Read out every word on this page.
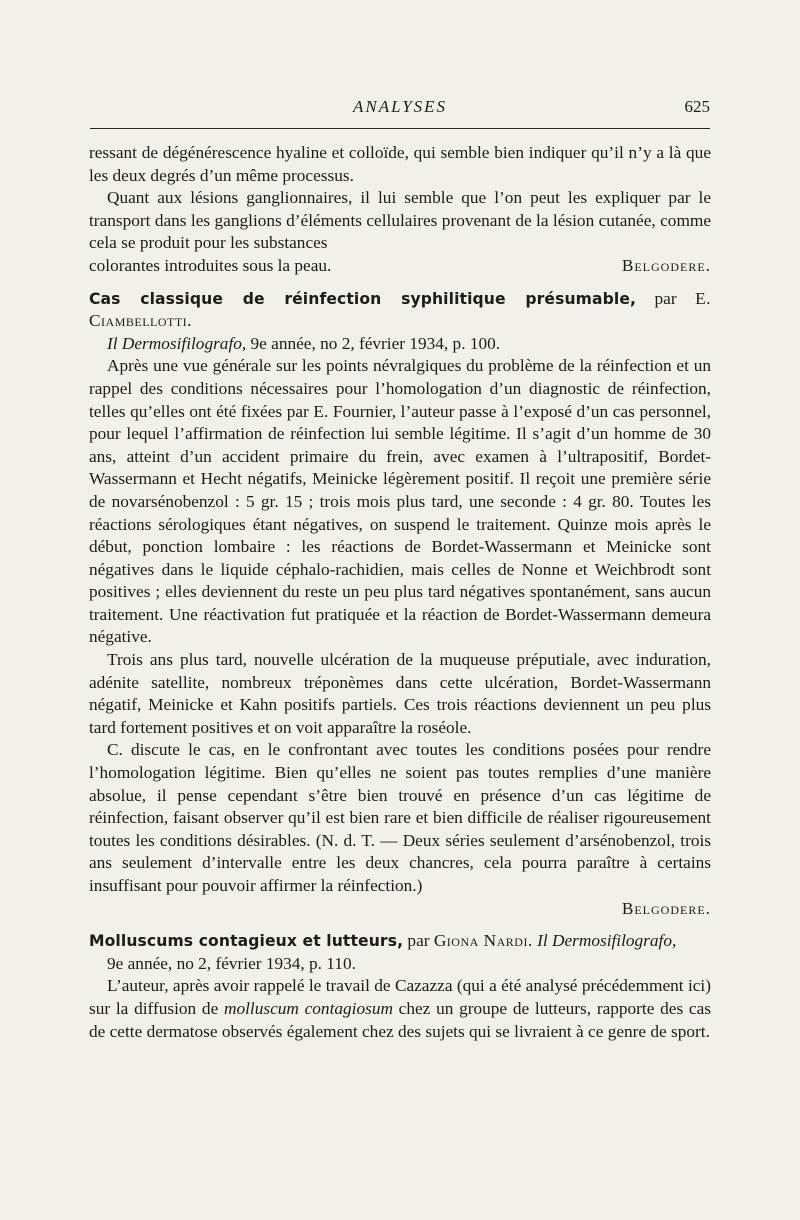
ANALYSES	625

ressant de dégénérescence hyaline et colloïde, qui semble bien indiquer qu’il n’y a là que les deux degrés d’un même processus.

Quant aux lésions ganglionnaires, il lui semble que l’on peut les expliquer par le transport dans les ganglions d’éléments cellulaires provenant de la lésion cutanée, comme cela se produit pour les substances

colorantes introduites sous la peau.	Belgodere.

Cas classique de réinfection syphilitique présumable, par E. Ciambellotti.

Il Dermosifilografo, 9e année, no 2, février 1934, p. 100.

Après une vue générale sur les points névralgiques du problème de la réinfection et un rappel des conditions nécessaires pour l’homologation d’un diagnostic de réinfection, telles qu’elles ont été fixées par E. Fournier, l’auteur passe à l’exposé d’un cas personnel, pour lequel l’affirmation de réinfection lui semble légitime. Il s’agit d’un homme de 30 ans, atteint d’un accident primaire du frein, avec examen à l’ultrapositif, Bordet-Wassermann et Hecht négatifs, Meinicke légèrement positif. Il reçoit une première série de novarsénobenzol : 5 gr. 15 ; trois mois plus tard, une seconde : 4 gr. 80. Toutes les réactions sérologiques étant négatives, on suspend le traitement. Quinze mois après le début, ponction lombaire : les réactions de Bordet-Wassermann et Meinicke sont négatives dans le liquide céphalo-rachidien, mais celles de Nonne et Weichbrodt sont positives ; elles deviennent du reste un peu plus tard négatives spontanément, sans aucun traitement. Une réactivation fut pratiquée et la réaction de Bordet-Wassermann demeura négative.

Trois ans plus tard, nouvelle ulcération de la muqueuse préputiale, avec induration, adénite satellite, nombreux tréponèmes dans cette ulcération, Bordet-Wassermann négatif, Meinicke et Kahn positifs partiels. Ces trois réactions deviennent un peu plus tard fortement positives et on voit apparaître la roséole.

C. discute le cas, en le confrontant avec toutes les conditions posées pour rendre l’homologation légitime. Bien qu’elles ne soient pas toutes remplies d’une manière absolue, il pense cependant s’être bien trouvé en présence d’un cas légitime de réinfection, faisant observer qu’il est bien rare et bien difficile de réaliser rigoureusement toutes les conditions désirables. (N. d. T. — Deux séries seulement d’arsénobenzol, trois ans seulement d’intervalle entre les deux chancres, cela pourra paraître à certains insuffisant pour pouvoir affirmer la réinfection.)

Belgodere.

Molluscums contagieux et lutteurs, par Giona Nardi. Il Dermosifilografo,

9e année, no 2, février 1934, p. 110.

L’auteur, après avoir rappelé le travail de Cazazza (qui a été analysé précédemment ici) sur la diffusion de molluscum contagiosum chez un groupe de lutteurs, rapporte des cas de cette dermatose observés également chez des sujets qui se livraient à ce genre de sport.
